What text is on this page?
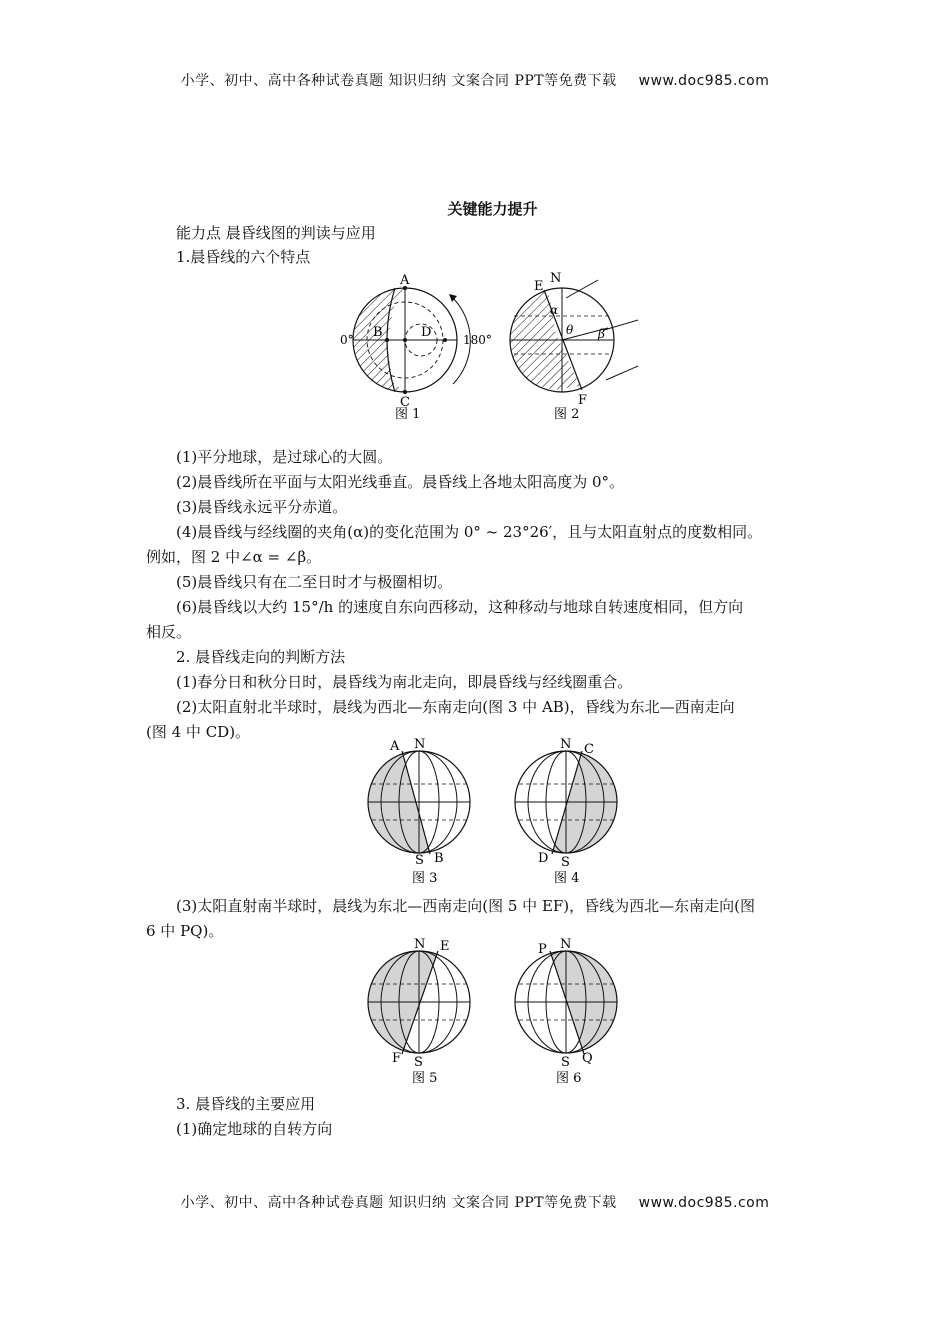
小学、初中、高中各种试卷真题 知识归纳 文案合同 PPT等免费下载 www.doc985.com
关键能力提升
能力点 晨昏线图的判读与应用
1.晨昏线的六个特点
A
B	D
C
0°	180°
图 1
N
E
F
α
θ β
图 2
(1)平分地球，是过球心的大圆。
(2)晨昏线所在平面与太阳光线垂直。晨昏线上各地太阳高度为 0°。
(3)晨昏线永远平分赤道。
(4)晨昏线与经线圈的夹角(α)的变化范围为 0° ~ 23°26′，且与太阳直射点的度数相同。
例如，图 2 中∠α = ∠β。
(5)晨昏线只有在二至日时才与极圈相切。
(6)晨昏线以大约 15°/h 的速度自东向西移动，这种移动与地球自转速度相同，但方向
相反。
2. 晨昏线走向的判断方法
(1)春分日和秋分日时，晨昏线为南北走向，即晨昏线与经线圈重合。
(2)太阳直射北半球时，晨线为西北—东南走向(图 3 中 AB)，昏线为东北—西南走向
(图 4 中 CD)。
A N
S B
图 3
N C
D S
图 4
(3)太阳直射南半球时，晨线为东北—西南走向(图 5 中 EF)，昏线为西北—东南走向(图
6 中 PQ)。
N E
F S
图 5
P N
S Q
图 6
3. 晨昏线的主要应用
(1)确定地球的自转方向
小学、初中、高中各种试卷真题 知识归纳 文案合同 PPT等免费下载 www.doc985.com
